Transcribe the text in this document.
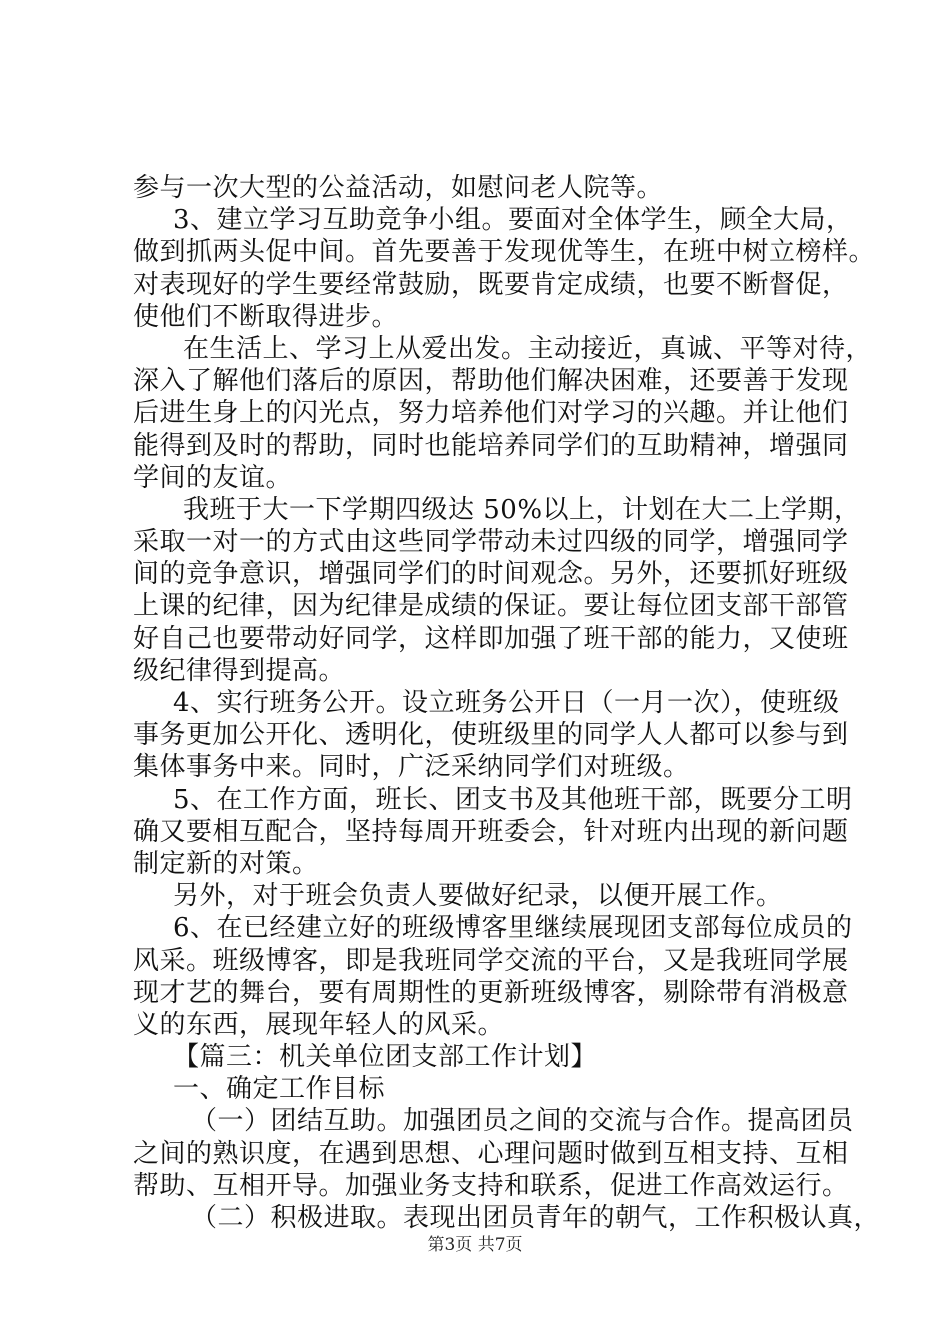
参与一次大型的公益活动，如慰问老人院等。
3、建立学习互助竞争小组。要面对全体学生，顾全大局，
做到抓两头促中间。首先要善于发现优等生，在班中树立榜样。
对表现好的学生要经常鼓励，既要肯定成绩，也要不断督促，
使他们不断取得进步。
在生活上、学习上从爱出发。主动接近，真诚、平等对待，
深入了解他们落后的原因，帮助他们解决困难，还要善于发现
后进生身上的闪光点，努力培养他们对学习的兴趣。并让他们
能得到及时的帮助，同时也能培养同学们的互助精神，增强同
学间的友谊。
我班于大一下学期四级达 50%以上，计划在大二上学期，
采取一对一的方式由这些同学带动未过四级的同学，增强同学
间的竞争意识，增强同学们的时间观念。另外，还要抓好班级
上课的纪律，因为纪律是成绩的保证。要让每位团支部干部管
好自己也要带动好同学，这样即加强了班干部的能力，又使班
级纪律得到提高。
4、实行班务公开。设立班务公开日（一月一次），使班级
事务更加公开化、透明化，使班级里的同学人人都可以参与到
集体事务中来。同时，广泛采纳同学们对班级。
5、在工作方面，班长、团支书及其他班干部，既要分工明
确又要相互配合，坚持每周开班委会，针对班内出现的新问题
制定新的对策。
另外，对于班会负责人要做好纪录，以便开展工作。
6、在已经建立好的班级博客里继续展现团支部每位成员的
风采。班级博客，即是我班同学交流的平台，又是我班同学展
现才艺的舞台，要有周期性的更新班级博客，剔除带有消极意
义的东西，展现年轻人的风采。
【篇三：机关单位团支部工作计划】
一、确定工作目标
（一）团结互助。加强团员之间的交流与合作。提高团员
之间的熟识度，在遇到思想、心理问题时做到互相支持、互相
帮助、互相开导。加强业务支持和联系，促进工作高效运行。
（二）积极进取。表现出团员青年的朝气，工作积极认真，
第3页 共7页
